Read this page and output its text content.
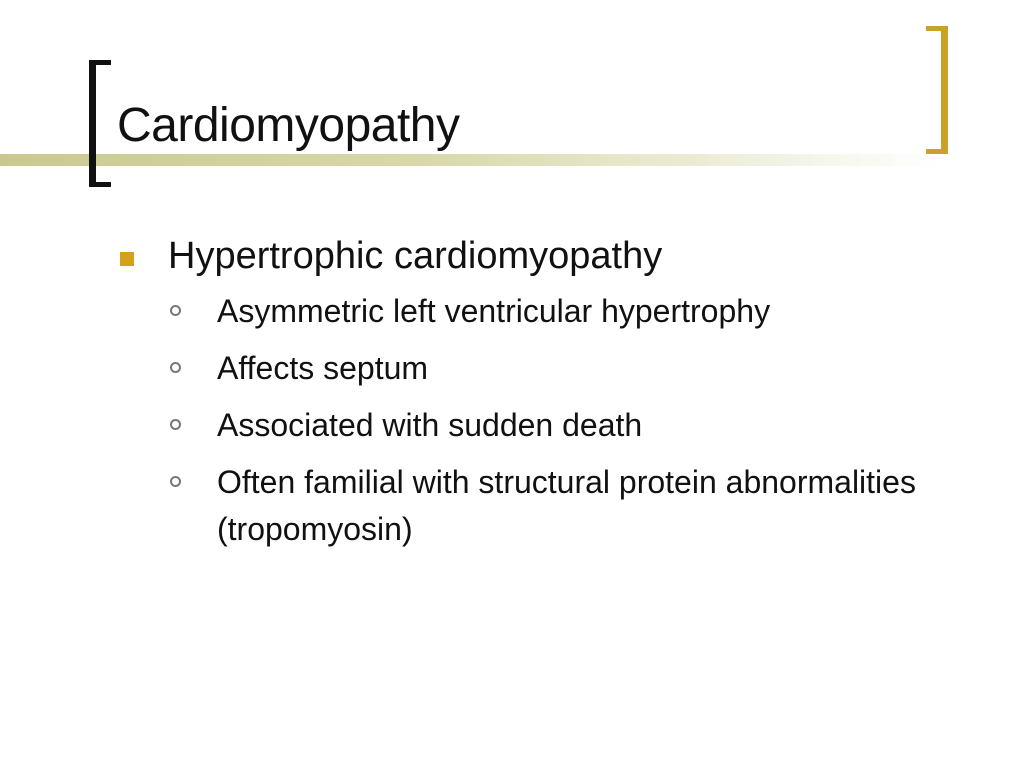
Cardiomyopathy
Hypertrophic cardiomyopathy
Asymmetric left ventricular hypertrophy
Affects septum
Associated with sudden death
Often familial with structural protein abnormalities (tropomyosin)
